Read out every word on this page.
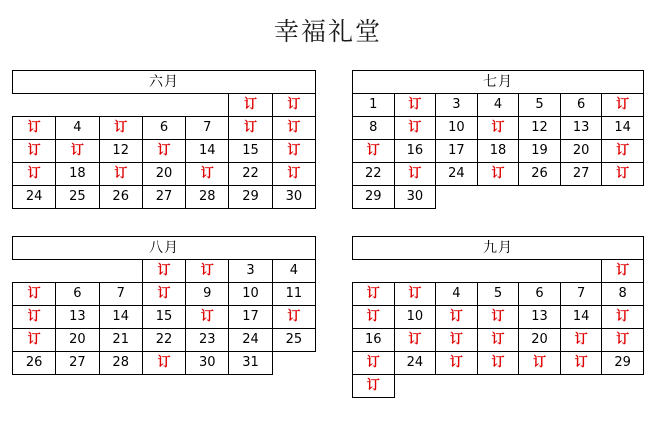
幸福礼堂
六月						
					订	订
订	4	订	6	7	订	订
订	订	12	订	14	15	订
订	18	订	20	订	22	订
24	25	26	27	28	29	30
七月						
1	订	3	4	5	6	订
8	订	10	订	12	13	14
订	16	17	18	19	20	订
22	订	24	订	26	27	订
29	30					
八月						
			订	订	3	4
订	6	7	订	9	10	11
订	13	14	15	订	17	订
订	20	21	22	23	24	25
26	27	28	订	30	31	
九月						
						订
订	订	4	5	6	7	8
订	10	订	订	13	14	订
16	订	订	订	20	订	订
订	24	订	订	订	订	29
订						
